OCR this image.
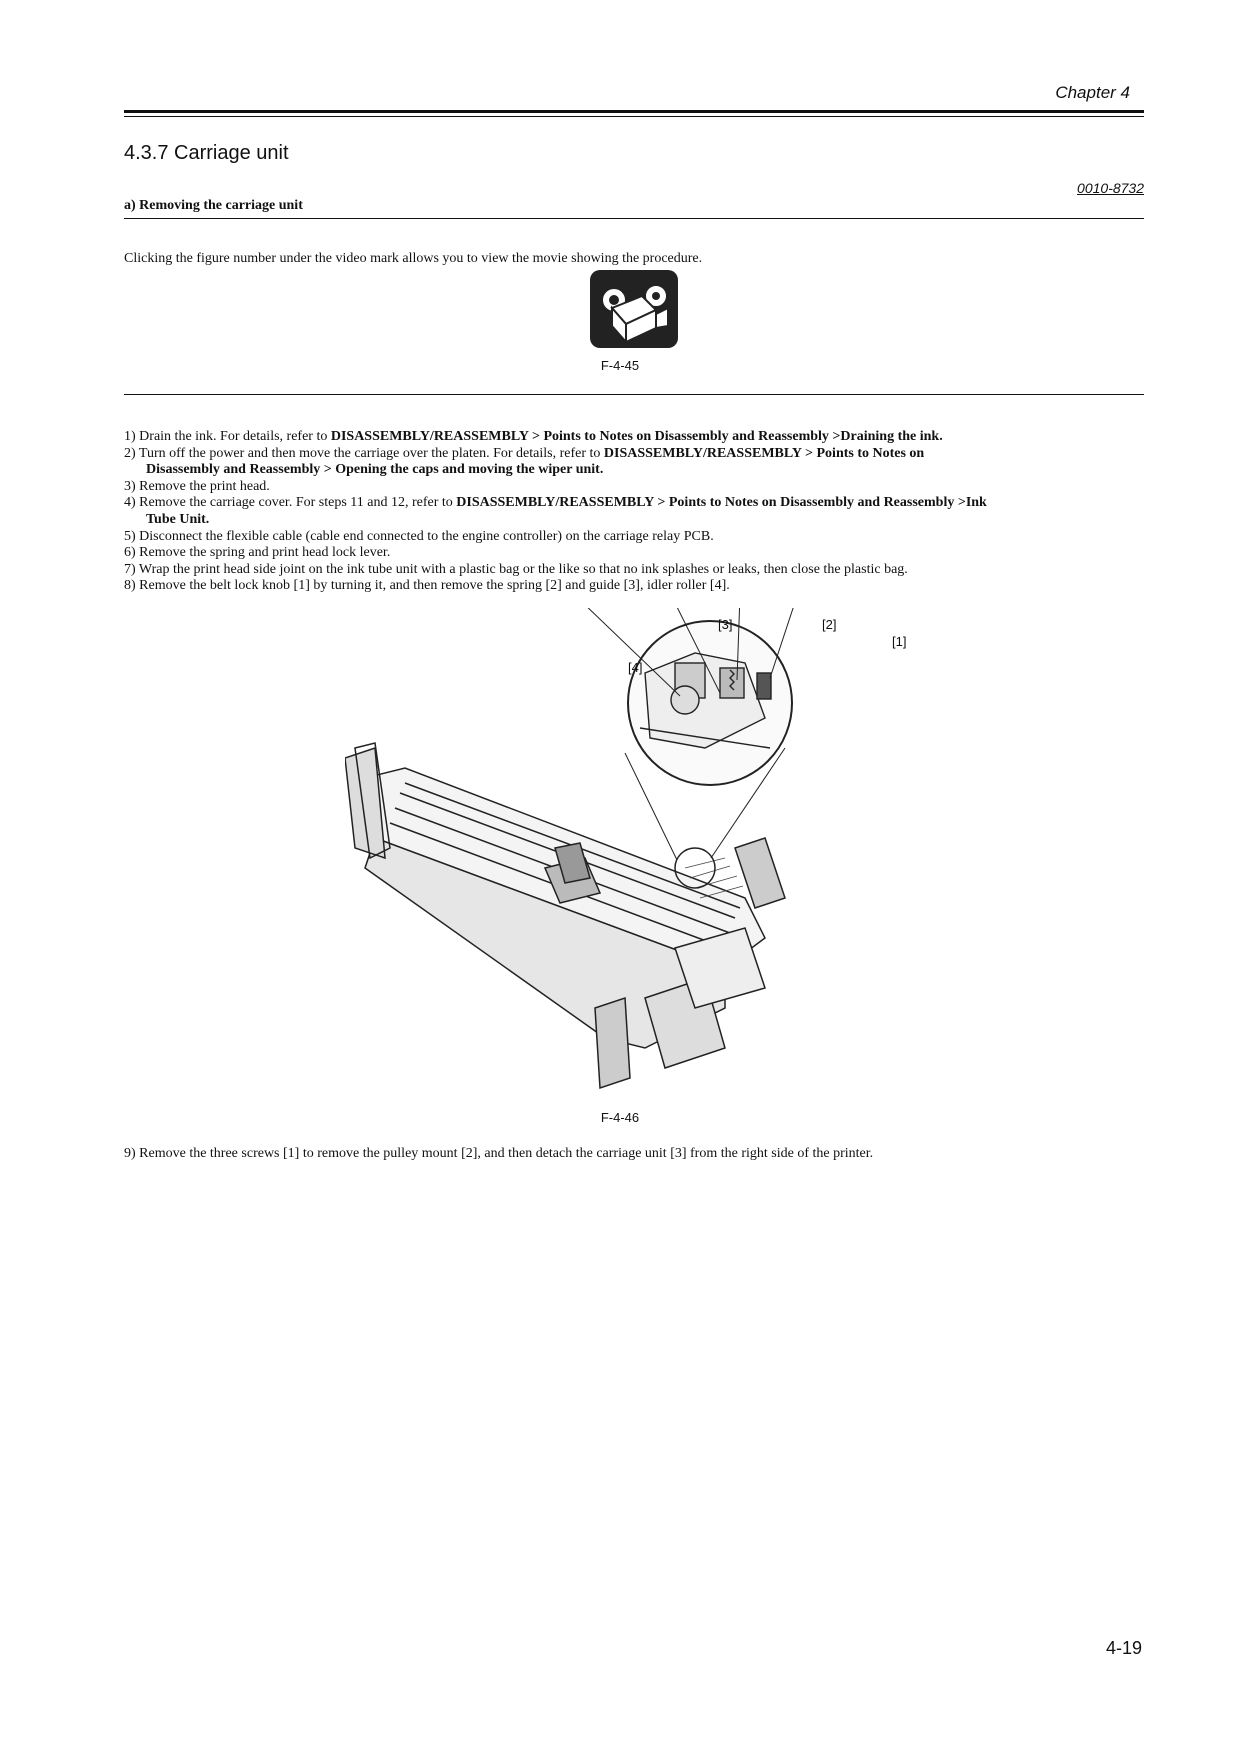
Chapter 4
4.3.7 Carriage unit
0010-8732
a) Removing the carriage unit
Clicking the figure number under the video mark allows you to view the movie showing the procedure.
F-4-45

1) Drain the ink. For details, refer to DISASSEMBLY/REASSEMBLY > Points to Notes on Disassembly and Reassembly >Draining the ink.

2) Turn off the power and then move the carriage over the platen. For details, refer to DISASSEMBLY/REASSEMBLY > Points to Notes on
Disassembly and Reassembly > Opening the caps and moving the wiper unit.

3) Remove the print head.

4) Remove the carriage cover. For steps 11 and 12, refer to DISASSEMBLY/REASSEMBLY > Points to Notes on Disassembly and Reassembly >Ink
Tube Unit.

5) Disconnect the flexible cable (cable end connected to the engine controller) on the carriage relay PCB.

6) Remove the spring and print head lock lever.

7) Wrap the print head side joint on the ink tube unit with a plastic bag or the like so that no ink splashes or leaks, then close the plastic bag.

8) Remove the belt lock knob [1] by turning it, and then remove the spring [2] and guide [3], idler roller [4].

[1]
[2]
[3]
[4]
F-4-46
9) Remove the three screws [1] to remove the pulley mount [2], and then detach the carriage unit [3] from the right side of the printer.
4-19
